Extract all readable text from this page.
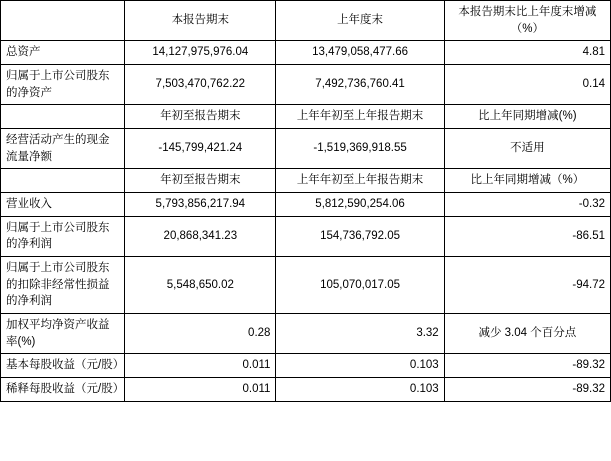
	本报告期末	上年度末	本报告期末比上年度末增减（%）
总资产	14,127,975,976.04	13,479,058,477.66	4.81
归属于上市公司股东的净资产	7,503,470,762.22	7,492,736,760.41	0.14
	年初至报告期末	上年年初至上年报告期末	比上年同期增减(%)
经营活动产生的现金流量净额	-145,799,421.24	-1,519,369,918.55	不适用
	年初至报告期末	上年年初至上年报告期末	比上年同期增减（%）
营业收入	5,793,856,217.94	5,812,590,254.06	-0.32
归属于上市公司股东的净利润	20,868,341.23	154,736,792.05	-86.51
归属于上市公司股东的扣除非经常性损益的净利润	5,548,650.02	105,070,017.05	-94.72
加权平均净资产收益率(%)	0.28	3.32	减少 3.04 个百分点
基本每股收益（元/股）	0.011	0.103	-89.32
稀释每股收益（元/股）	0.011	0.103	-89.32
